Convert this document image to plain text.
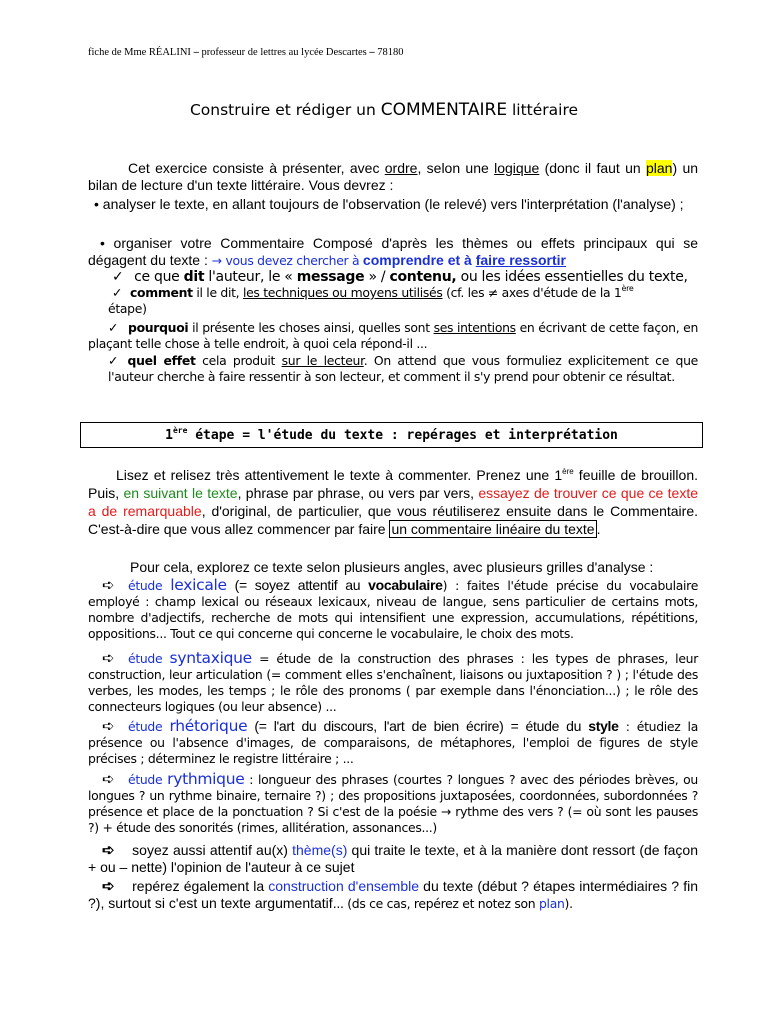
fiche de Mme RÉALINI – professeur de lettres au lycée Descartes – 78180
Construire et rédiger un COMMENTAIRE littéraire
Cet exercice consiste à présenter, avec ordre, selon une logique (donc il faut un plan) un bilan de lecture d'un texte littéraire. Vous devrez :
• analyser le texte, en allant toujours de l'observation (le relevé) vers l'interprétation (l'analyse) ;
• organiser votre Commentaire Composé d'après les thèmes ou effets principaux qui se dégagent du texte : → vous devez chercher à comprendre et à faire ressortir
✓ ce que dit l'auteur, le « message » / contenu, ou les idées essentielles du texte,
✓ comment il le dit, les techniques ou moyens utilisés (cf. les ≠ axes d'étude de la 1ère
étape)
✓ pourquoi il présente les choses ainsi, quelles sont ses intentions en écrivant de cette façon, en plaçant telle chose à telle endroit, à quoi cela répond-il ...
✓ quel effet cela produit sur le lecteur. On attend que vous formuliez explicitement ce que l'auteur cherche à faire ressentir à son lecteur, et comment il s'y prend pour obtenir ce résultat.
1ère étape = l'étude du texte : repérages et interprétation
Lisez et relisez très attentivement le texte à commenter. Prenez une 1ère feuille de brouillon. Puis, en suivant le texte, phrase par phrase, ou vers par vers, essayez de trouver ce que ce texte a de remarquable, d'original, de particulier, que vous réutiliserez ensuite dans le Commentaire. C'est-à-dire que vous allez commencer par faire un commentaire linéaire du texte .
Pour cela, explorez ce texte selon plusieurs angles, avec plusieurs grilles d'analyse :
➪ étude lexicale (= soyez attentif au vocabulaire) : faites l'étude précise du vocabulaire employé : champ lexical ou réseaux lexicaux, niveau de langue, sens particulier de certains mots, nombre d'adjectifs, recherche de mots qui intensifient une expression, accumulations, répétitions, oppositions... Tout ce qui concerne qui concerne le vocabulaire, le choix des mots.
➪ étude syntaxique = étude de la construction des phrases : les types de phrases, leur construction, leur articulation (= comment elles s'enchaînent, liaisons ou juxtaposition ? ) ; l'étude des verbes, les modes, les temps ; le rôle des pronoms ( par exemple dans l'énonciation...) ; le rôle des connecteurs logiques (ou leur absence) ...
➪ étude rhétorique (= l'art du discours, l'art de bien écrire) = étude du style : étudiez la présence ou l'absence d'images, de comparaisons, de métaphores, l'emploi de figures de style précises ; déterminez le registre littéraire ; ...
➪ étude rythmique : longueur des phrases (courtes ? longues ? avec des périodes brèves, ou longues ? un rythme binaire, ternaire ?) ; des propositions juxtaposées, coordonnées, subordonnées ? présence et place de la ponctuation ? Si c'est de la poésie → rythme des vers ? (= où sont les pauses ?) + étude des sonorités (rimes, allitération, assonances...)
➪ soyez aussi attentif au(x) thème(s) qui traite le texte, et à la manière dont ressort (de façon + ou – nette) l'opinion de l'auteur à ce sujet
➪ repérez également la construction d'ensemble du texte (début ? étapes intermédiaires ? fin ?), surtout si c'est un texte argumentatif... (ds ce cas, repérez et notez son plan).
